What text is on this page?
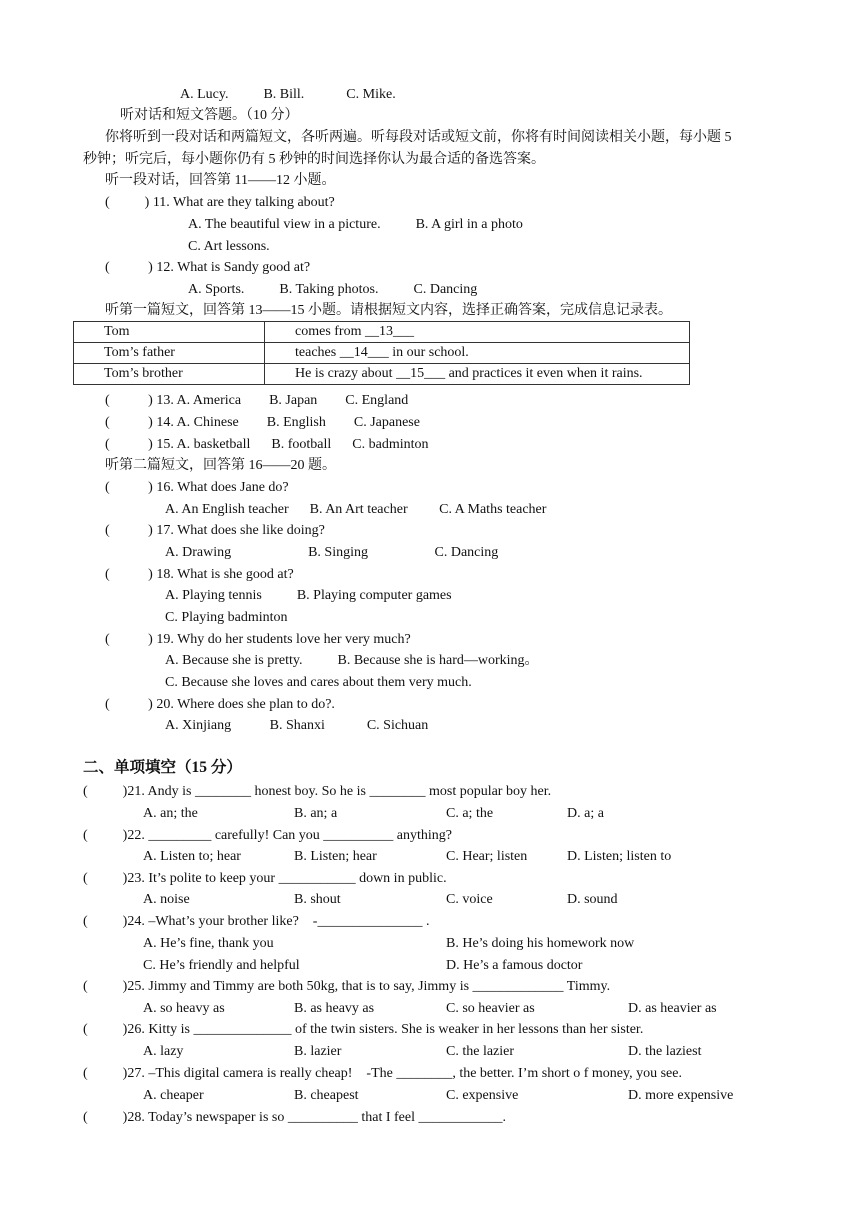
A. Lucy.          B. Bill.            C. Mike.
听对话和短文答题。（10 分）
你将听到一段对话和两篇短文，各听两遍。听每段对话或短文前，你将有时间阅读相关小题，每小题 5
秒钟；听完后，每小题你仍有 5 秒钟的时间选择你认为最合适的备选答案。
听一段对话，回答第 11——12 小题。
(          ) 11. What are they talking about?
A. The beautiful view in a picture.          B. A girl in a photo
C. Art lessons.
(           ) 12. What is Sandy good at?
A. Sports.          B. Taking photos.          C. Dancing
听第一篇短文，回答第 13——15 小题。请根据短文内容，选择正确答案，完成信息记录表。
Tom	comes from __13___
Tom’s father	teaches __14___ in our school.
Tom’s brother	He is crazy about __15___ and practices it even when it rains.
(           ) 13. A. America        B. Japan        C. England
(           ) 14. A. Chinese        B. English        C. Japanese
(           ) 15. A. basketball      B. football      C. badminton
听第二篇短文，回答第 16——20 题。
(           ) 16. What does Jane do?
A. An English teacher      B. An Art teacher         C. A Maths teacher
(           ) 17. What does she like doing?
A. Drawing                      B. Singing                   C. Dancing
(           ) 18. What is she good at?
A. Playing tennis          B. Playing computer games
C. Playing badminton
(           ) 19. Why do her students love her very much?
A. Because she is pretty.          B. Because she is hard—working。
C. Because she loves and cares about them very much.
(           ) 20. Where does she plan to do?.
A. Xinjiang           B. Shanxi            C. Sichuan
二、单项填空（15 分）
(          )21. Andy is ________ honest boy. So he is ________ most popular boy her.
A. an; the	B. an; a	C. a; the	D. a; a
(          )22. _________ carefully! Can you __________ anything?
A. Listen to; hear	B. Listen; hear	C. Hear; listen	D. Listen; listen to
(          )23. It’s polite to keep your ___________ down in public.
A. noise	B. shout	C. voice	D. sound
(          )24. –What’s your brother like?    -_______________ .
A. He’s fine, thank you	B. He’s doing his homework now
C. He’s friendly and helpful	D. He’s a famous doctor
(          )25. Jimmy and Timmy are both 50kg, that is to say, Jimmy is _____________ Timmy.
A. so heavy as	B. as heavy as	C. so heavier as	D. as heavier as
(          )26. Kitty is ______________ of the twin sisters. She is weaker in her lessons than her sister.
A. lazy	B. lazier	C. the lazier	D. the laziest
(          )27. –This digital camera is really cheap!    -The ________, the better. I’m short o f money, you see.
A. cheaper	B. cheapest	C. expensive	D. more expensive
(          )28. Today’s newspaper is so __________ that I feel ____________.
